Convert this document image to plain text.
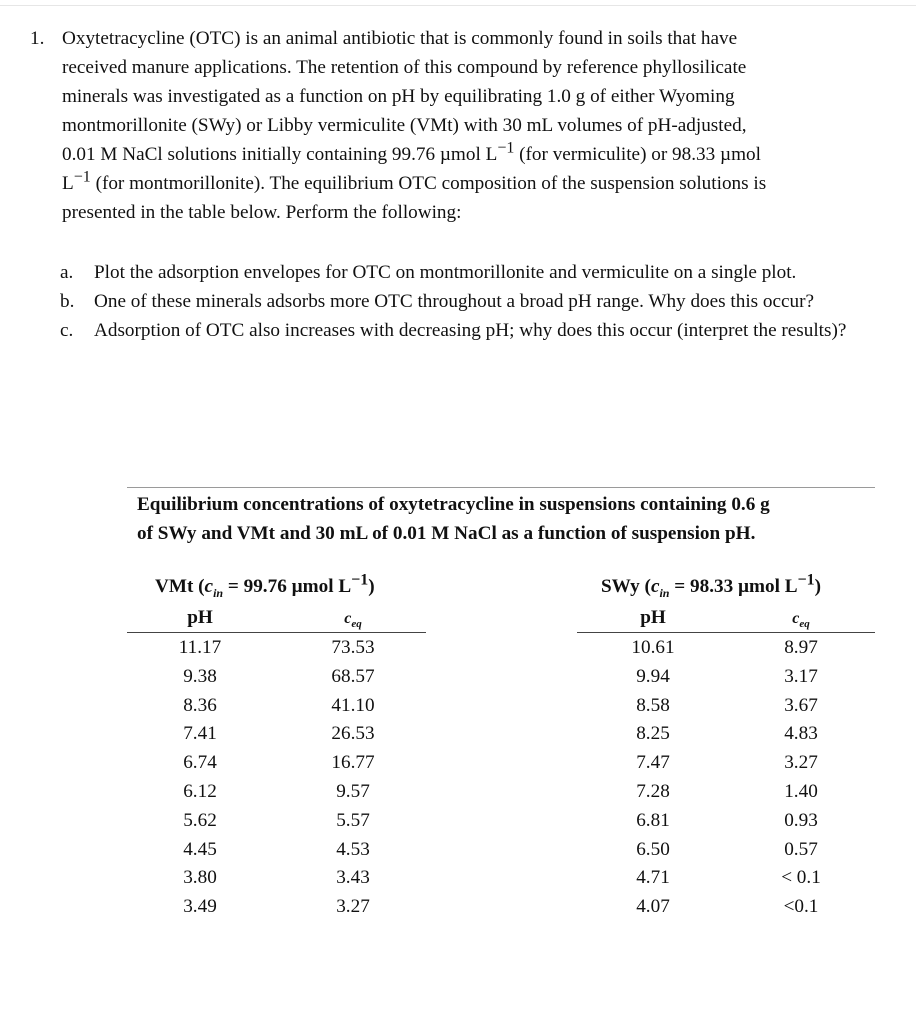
1. Oxytetracycline (OTC) is an animal antibiotic that is commonly found in soils that have
received manure applications. The retention of this compound by reference phyllosilicate
minerals was investigated as a function on pH by equilibrating 1.0 g of either Wyoming
montmorillonite (SWy) or Libby vermiculite (VMt) with 30 mL volumes of pH-adjusted,
0.01 M NaCl solutions initially containing 99.76 µmol $L^{-1}$ (for vermiculite) or 98.33 µmol
$L^{-1}$ (for montmorillonite). The equilibrium OTC composition of the suspension solutions is
presented in the table below. Perform the following:
a. Plot the adsorption envelopes for OTC on montmorillonite and vermiculite on a single plot.
b. One of these minerals adsorbs more OTC throughout a broad pH range. Why does this occur?
c. Adsorption of OTC also increases with decreasing pH; why does this occur (interpret the results)?
Equilibrium concentrations of oxytetracycline in suspensions containing 0.6 g
of SWy and VMt and 30 mL of 0.01 M NaCl as a function of suspension pH.
VMt ($c_{in} = 99.76$ µmol $L^{-1}$)
pH	$c_{eq}$
11.17
9.38
8.36
7.41
6.74
6.12
5.62
4.45
3.80
3.49
73.53
68.57
41.10
26.53
16.77
9.57
5.57
4.53
3.43
3.27
SWy ($c_{in} = 98.33$ µmol $L^{-1}$)
pH	$c_{eq}$
10.61
9.94
8.58
8.25
7.47
7.28
6.81
6.50
4.71
4.07
8.97
3.17
3.67
4.83
3.27
1.40
0.93
0.57
< 0.1
<0.1
